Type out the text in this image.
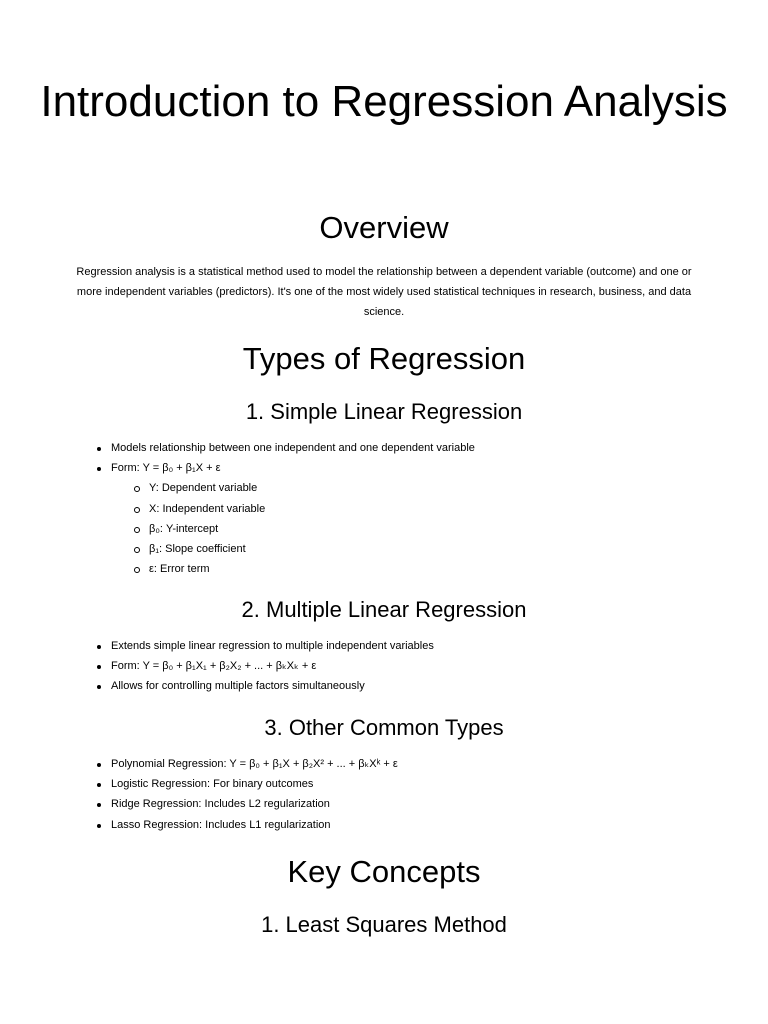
Introduction to Regression Analysis
Overview

Regression analysis is a statistical method used to model the relationship between a dependent variable (outcome) and one or more independent variables (predictors). It's one of the most widely used statistical techniques in research, business, and data science.

Types of Regression
1. Simple Linear Regression
Models relationship between one independent and one dependent variable
Form: Y = β₀ + β₁X + ε
Y: Dependent variable
X: Independent variable
β₀: Y-intercept
β₁: Slope coefficient
ε: Error term
2. Multiple Linear Regression
Extends simple linear regression to multiple independent variables
Form: Y = β₀ + β₁X₁ + β₂X₂ + ... + βₖXₖ + ε
Allows for controlling multiple factors simultaneously
3. Other Common Types
Polynomial Regression: Y = β₀ + β₁X + β₂X² + ... + βₖXᵏ + ε
Logistic Regression: For binary outcomes
Ridge Regression: Includes L2 regularization
Lasso Regression: Includes L1 regularization
Key Concepts
1. Least Squares Method
